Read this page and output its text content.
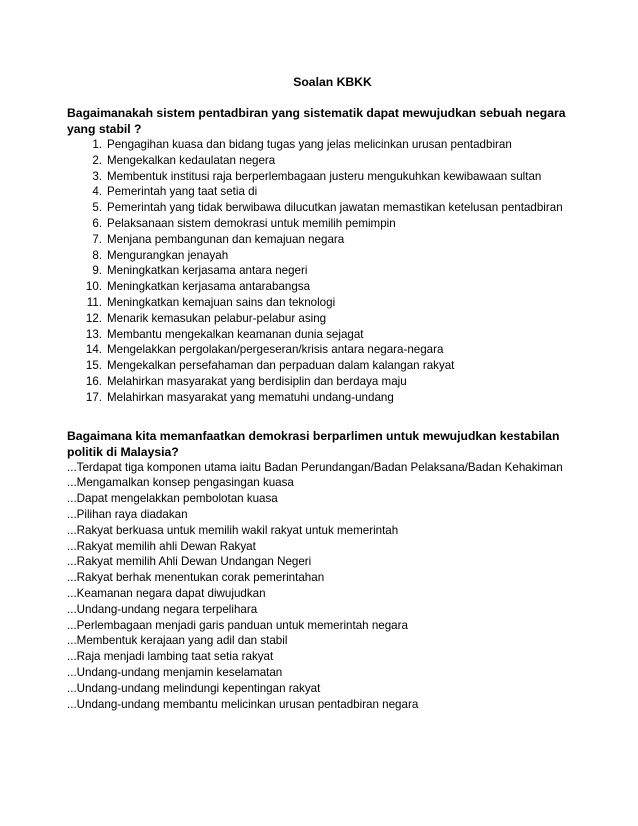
Soalan KBKK

Bagaimanakah sistem pentadbiran yang sistematik dapat mewujudkan sebuah negara
yang stabil ?

1. Pengagihan kuasa dan bidang tugas yang jelas melicinkan urusan pentadbiran
2. Mengekalkan kedaulatan negera
3. Membentuk institusi raja berperlembagaan justeru mengukuhkan kewibawaan sultan
4. Pemerintah yang taat setia di
5. Pemerintah yang tidak berwibawa dilucutkan jawatan memastikan ketelusan pentadbiran
6. Pelaksanaan sistem demokrasi untuk memilih pemimpin
7. Menjana pembangunan dan kemajuan negara
8. Mengurangkan jenayah
9. Meningkatkan kerjasama antara negeri
10. Meningkatkan kerjasama antarabangsa
11. Meningkatkan kemajuan sains dan teknologi
12. Menarik kemasukan pelabur-pelabur asing
13. Membantu mengekalkan keamanan dunia sejagat
14. Mengelakkan pergolakan/pergeseran/krisis antara negara-negara
15. Mengekalkan persefahaman dan perpaduan dalam kalangan rakyat
16. Melahirkan masyarakat yang berdisiplin dan berdaya maju
17. Melahirkan masyarakat yang mematuhi undang-undang

Bagaimana kita memanfaatkan demokrasi berparlimen untuk mewujudkan kestabilan
politik di Malaysia?

...Terdapat tiga komponen utama iaitu Badan Perundangan/Badan Pelaksana/Badan Kehakiman
...Mengamalkan konsep pengasingan kuasa
...Dapat mengelakkan pembolotan kuasa
...Pilihan raya diadakan
...Rakyat berkuasa untuk memilih wakil rakyat untuk memerintah
...Rakyat memilih ahli Dewan Rakyat
...Rakyat memilih Ahli Dewan Undangan Negeri
...Rakyat berhak menentukan corak pemerintahan
...Keamanan negara dapat diwujudkan
...Undang-undang negara terpelihara
...Perlembagaan menjadi garis panduan untuk memerintah negara
...Membentuk kerajaan yang adil dan stabil
...Raja menjadi lambing taat setia rakyat
...Undang-undang menjamin keselamatan
...Undang-undang melindungi kepentingan rakyat
...Undang-undang membantu melicinkan urusan pentadbiran negara
